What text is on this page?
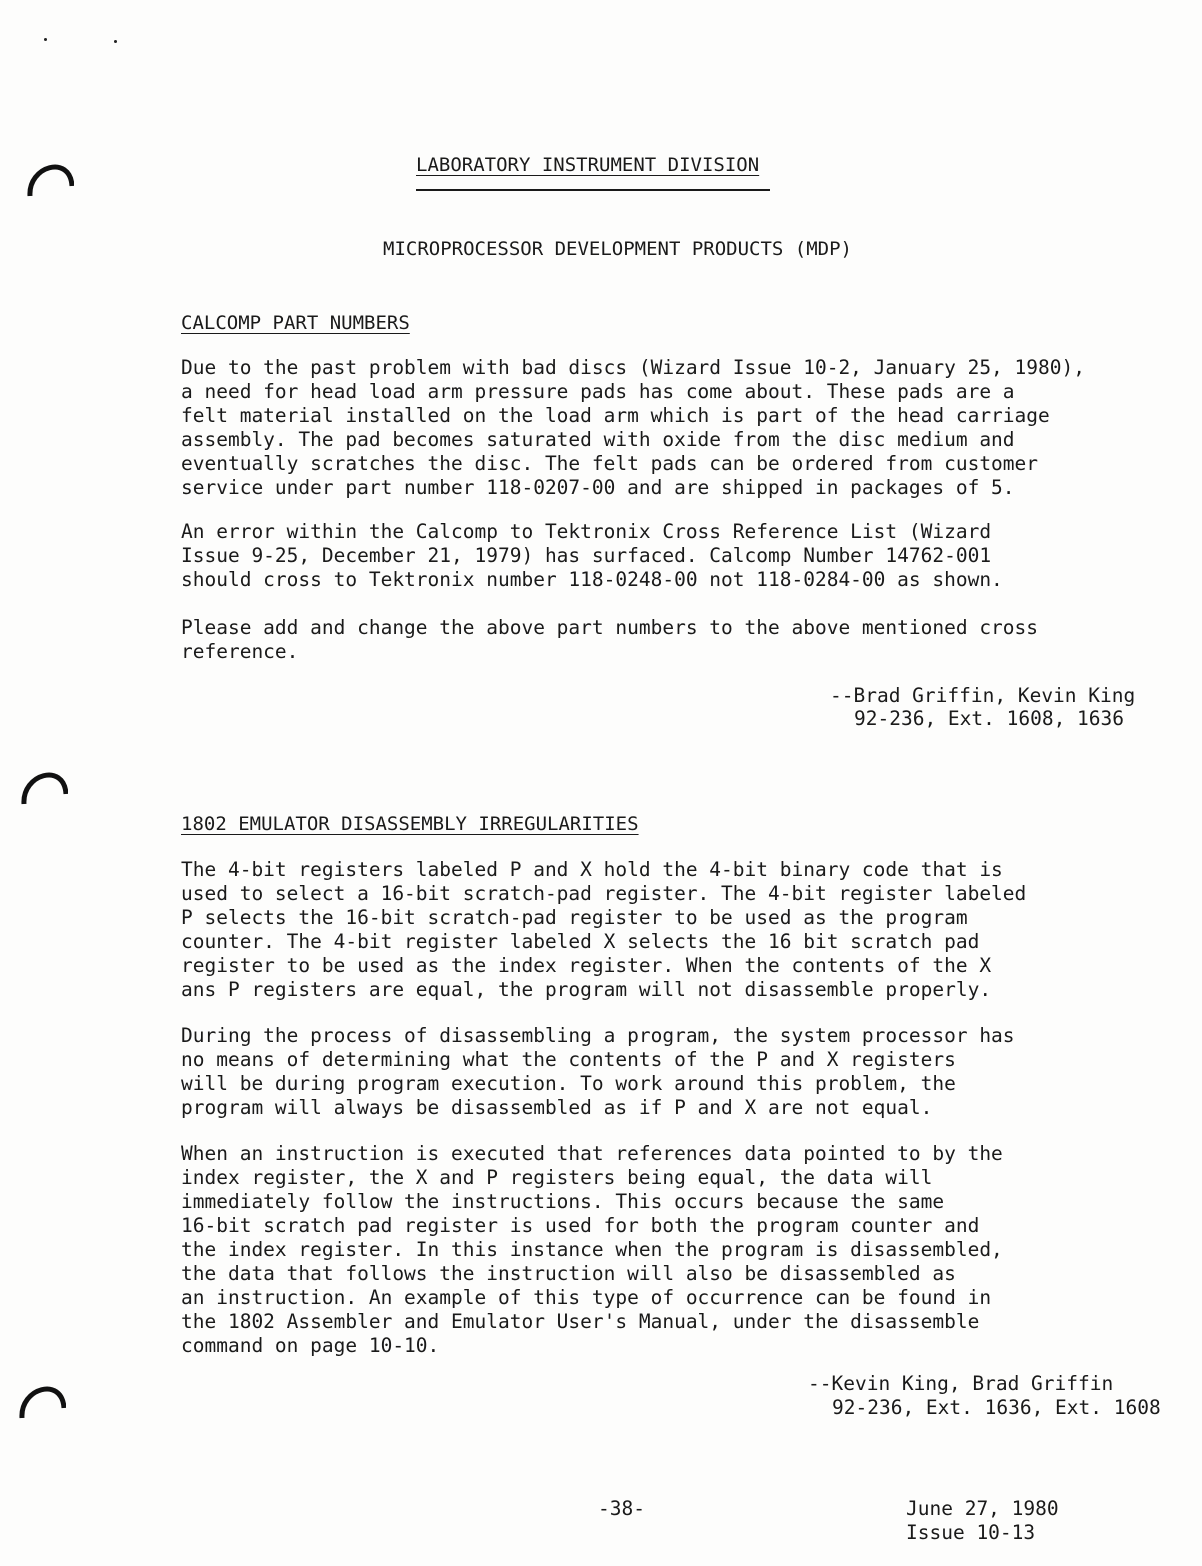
LABORATORY INSTRUMENT DIVISION
MICROPROCESSOR DEVELOPMENT PRODUCTS (MDP)
CALCOMP PART NUMBERS
Due to the past problem with bad discs (Wizard Issue 10-2, January 25, 1980),
a need for head load arm pressure pads has come about. These pads are a
felt material installed on the load arm which is part of the head carriage
assembly. The pad becomes saturated with oxide from the disc medium and
eventually scratches the disc. The felt pads can be ordered from customer
service under part number 118-0207-00 and are shipped in packages of 5.
An error within the Calcomp to Tektronix Cross Reference List (Wizard
Issue 9-25, December 21, 1979) has surfaced. Calcomp Number 14762-001
should cross to Tektronix number 118-0248-00 not 118-0284-00 as shown.
Please add and change the above part numbers to the above mentioned cross
reference.
--Brad Griffin, Kevin King
92-236, Ext. 1608, 1636
1802 EMULATOR DISASSEMBLY IRREGULARITIES
The 4-bit registers labeled P and X hold the 4-bit binary code that is
used to select a 16-bit scratch-pad register. The 4-bit register labeled
P selects the 16-bit scratch-pad register to be used as the program
counter. The 4-bit register labeled X selects the 16 bit scratch pad
register to be used as the index register. When the contents of the X
ans P registers are equal, the program will not disassemble properly.
During the process of disassembling a program, the system processor has
no means of determining what the contents of the P and X registers
will be during program execution. To work around this problem, the
program will always be disassembled as if P and X are not equal.
When an instruction is executed that references data pointed to by the
index register, the X and P registers being equal, the data will
immediately follow the instructions. This occurs because the same
16-bit scratch pad register is used for both the program counter and
the index register. In this instance when the program is disassembled,
the data that follows the instruction will also be disassembled as
an instruction. An example of this type of occurrence can be found in
the 1802 Assembler and Emulator User's Manual, under the disassemble
command on page 10-10.
--Kevin King, Brad Griffin
92-236, Ext. 1636, Ext. 1608
-38-	June 27, 1980
Issue 10-13
